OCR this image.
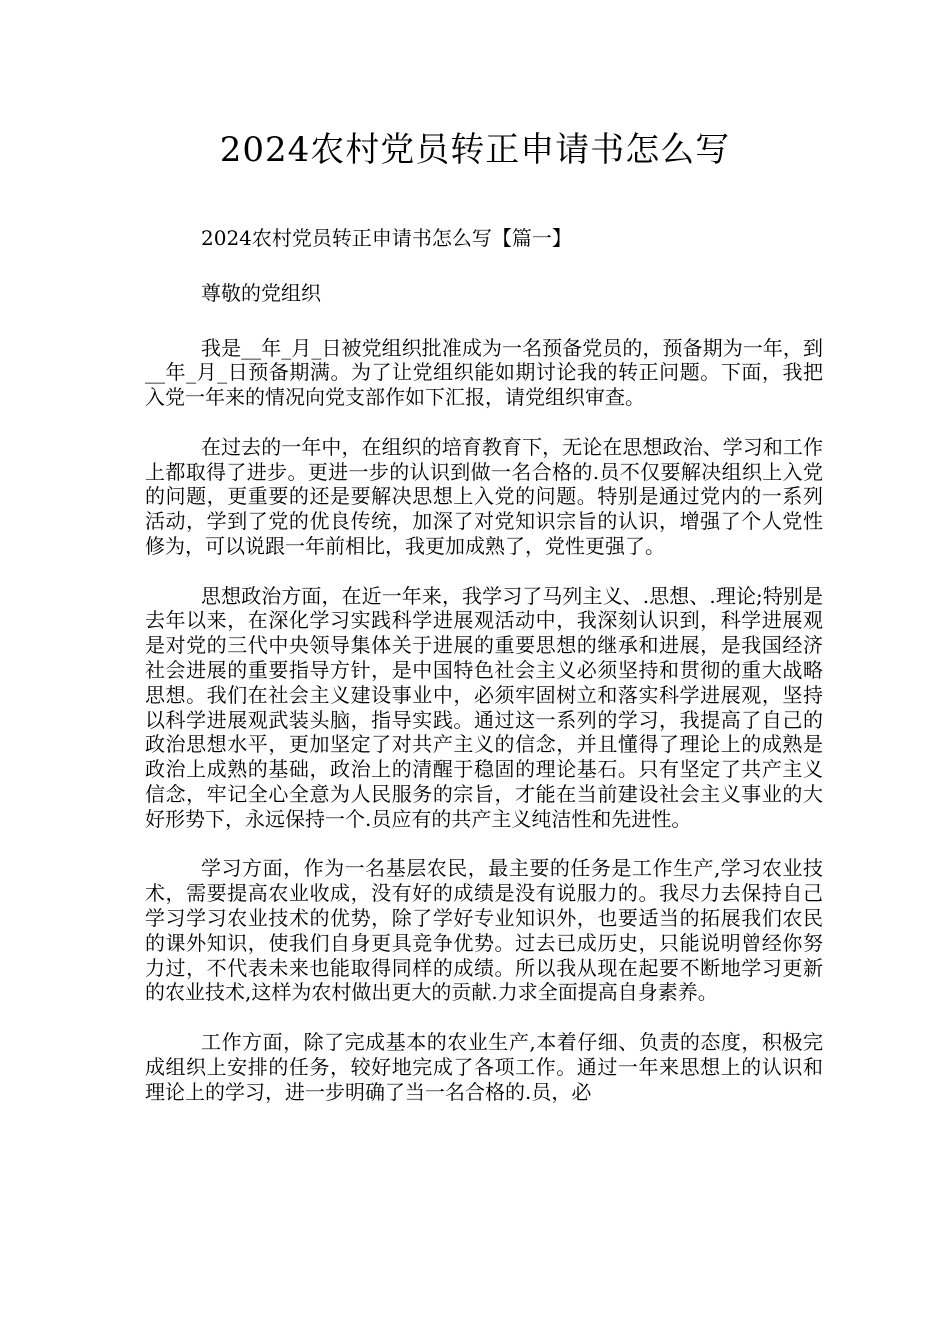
2024农村党员转正申请书怎么写

2024农村党员转正申请书怎么写【篇一】

尊敬的党组织

我是__年_月_日被党组织批准成为一名预备党员的，预备期为一年，到__年_月_日预备期满。为了让党组织能如期讨论我的转正问题。下面，我把入党一年来的情况向党支部作如下汇报，请党组织审查。

在过去的一年中，在组织的培育教育下，无论在思想政治、学习和工作上都取得了进步。更进一步的认识到做一名合格的.员不仅要解决组织上入党的问题，更重要的还是要解决思想上入党的问题。特别是通过党内的一系列活动，学到了党的优良传统，加深了对党知识宗旨的认识，增强了个人党性修为，可以说跟一年前相比，我更加成熟了，党性更强了。

思想政治方面，在近一年来，我学习了马列主义、.思想、.理论;特别是去年以来，在深化学习实践科学进展观活动中，我深刻认识到，科学进展观是对党的三代中央领导集体关于进展的重要思想的继承和进展，是我国经济社会进展的重要指导方针，是中国特色社会主义必须坚持和贯彻的重大战略思想。我们在社会主义建设事业中，必须牢固树立和落实科学进展观，坚持以科学进展观武装头脑，指导实践。通过这一系列的学习，我提高了自己的政治思想水平，更加坚定了对共产主义的信念，并且懂得了理论上的成熟是政治上成熟的基础，政治上的清醒于稳固的理论基石。只有坚定了共产主义信念，牢记全心全意为人民服务的宗旨，才能在当前建设社会主义事业的大好形势下，永远保持一个.员应有的共产主义纯洁性和先进性。

学习方面，作为一名基层农民，最主要的任务是工作生产,学习农业技术，需要提高农业收成，没有好的成绩是没有说服力的。我尽力去保持自己学习学习农业技术的优势，除了学好专业知识外，也要适当的拓展我们农民的课外知识，使我们自身更具竞争优势。过去已成历史，只能说明曾经你努力过，不代表未来也能取得同样的成绩。所以我从现在起要不断地学习更新的农业技术,这样为农村做出更大的贡献.力求全面提高自身素养。

工作方面，除了完成基本的农业生产,本着仔细、负责的态度，积极完成组织上安排的任务，较好地完成了各项工作。通过一年来思想上的认识和理论上的学习，进一步明确了当一名合格的.员，必
